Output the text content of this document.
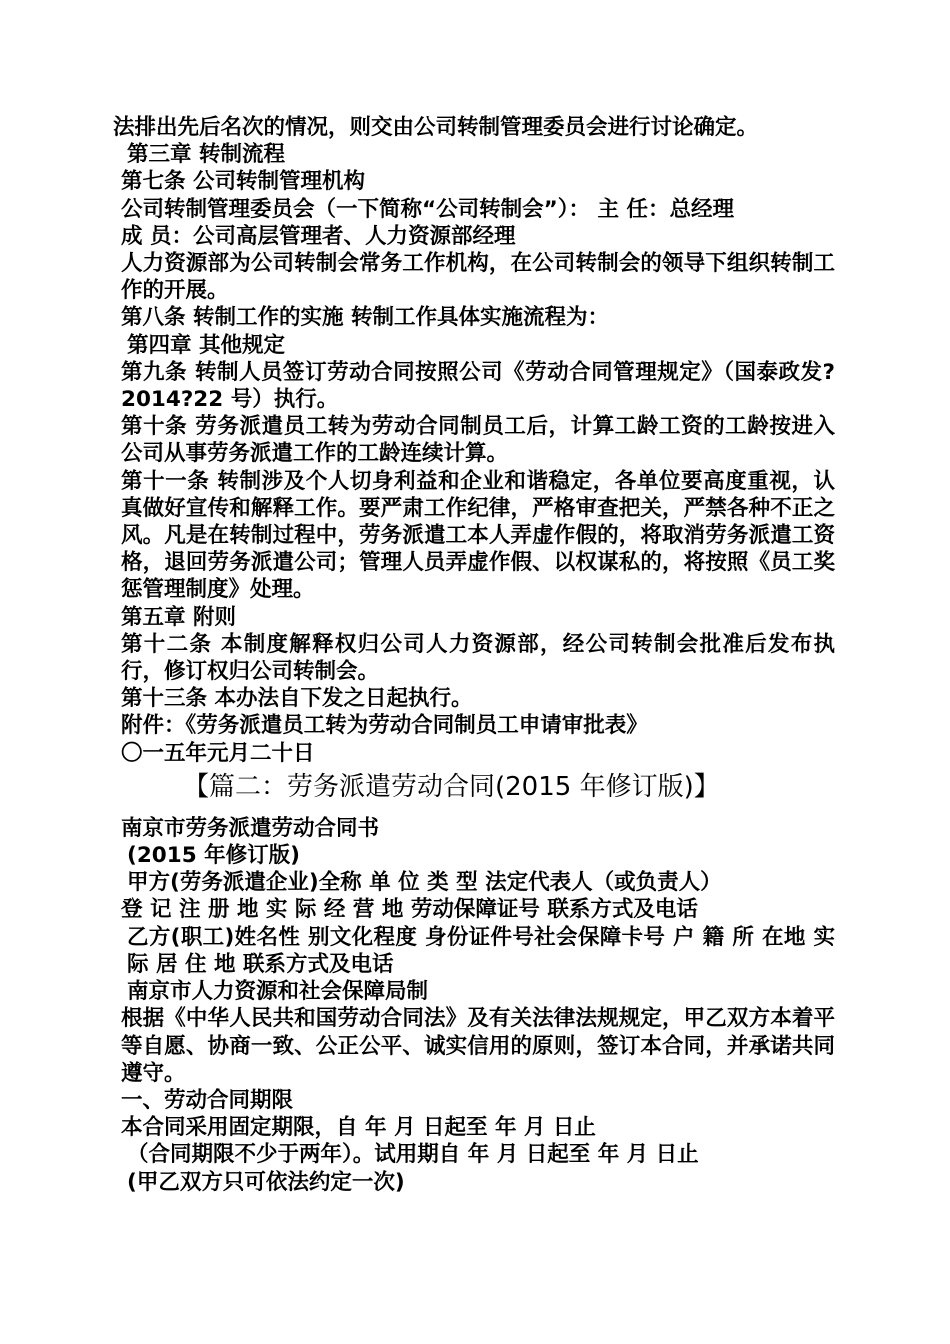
法排出先后名次的情况，则交由公司转制管理委员会进行讨论确定。

第三章 转制流程

第七条 公司转制管理机构

公司转制管理委员会（一下简称“公司转制会”）： 主 任：总经理

成 员：公司高层管理者、人力资源部经理

人力资源部为公司转制会常务工作机构，在公司转制会的领导下组织转制工作的开展。

第八条 转制工作的实施 转制工作具体实施流程为：

第四章 其他规定

第九条 转制人员签订劳动合同按照公司《劳动合同管理规定》（国泰政发?2014?22 号）执行。

第十条 劳务派遣员工转为劳动合同制员工后，计算工龄工资的工龄按进入公司从事劳务派遣工作的工龄连续计算。

第十一条 转制涉及个人切身利益和企业和谐稳定，各单位要高度重视，认真做好宣传和解释工作。要严肃工作纪律，严格审查把关，严禁各种不正之风。凡是在转制过程中，劳务派遣工本人弄虚作假的，将取消劳务派遣工资格，退回劳务派遣公司；管理人员弄虚作假、以权谋私的，将按照《员工奖惩管理制度》处理。

第五章 附则

第十二条 本制度解释权归公司人力资源部，经公司转制会批准后发布执行，修订权归公司转制会。

第十三条 本办法自下发之日起执行。

附件：《劳务派遣员工转为劳动合同制员工申请审批表》

〇一五年元月二十日

【篇二：劳务派遣劳动合同(2015 年修订版)】

南京市劳务派遣劳动合同书

(2015 年修订版)

甲方(劳务派遣企业)全称 单 位 类 型 法定代表人（或负责人）

登 记 注 册 地 实 际 经 营 地 劳动保障证号 联系方式及电话

乙方(职工)姓名性 别文化程度 身份证件号社会保障卡号 户 籍 所 在地 实 际 居 住 地 联系方式及电话

南京市人力资源和社会保障局制

根据《中华人民共和国劳动合同法》及有关法律法规规定，甲乙双方本着平等自愿、协商一致、公正公平、诚实信用的原则，签订本合同，并承诺共同遵守。

一、劳动合同期限

本合同采用固定期限，自 年 月 日起至 年 月 日止

（合同期限不少于两年）。试用期自 年 月 日起至 年 月 日止

(甲乙双方只可依法约定一次)
